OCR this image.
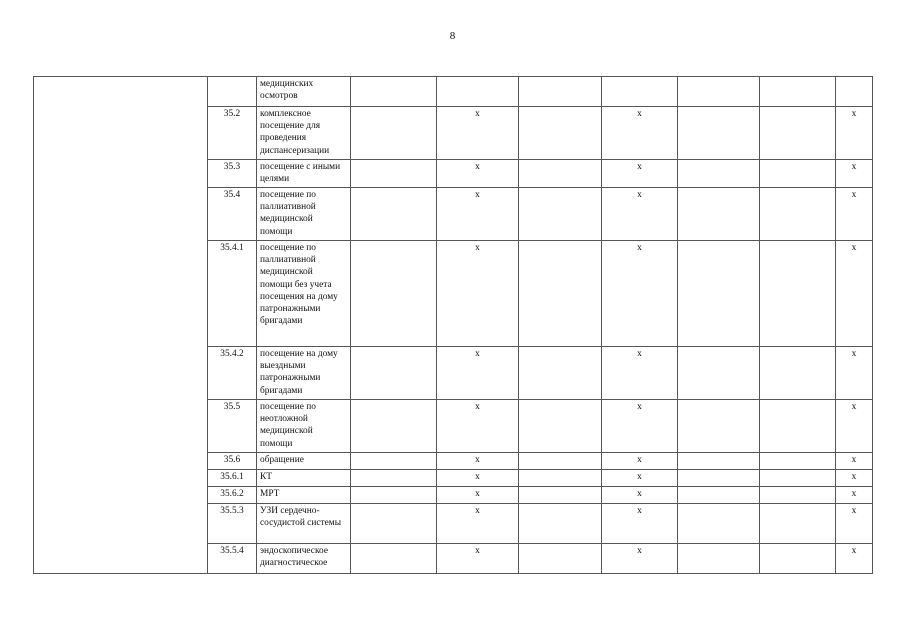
8
		медицинских осмотров							
	35.2	комплексное посещение для проведения диспансеризации		x		x			x
	35.3	посещение с иными целями		x		x			x
	35.4	посещение по паллиативной медицинской помощи		x		x			x
	35.4.1	посещение по паллиативной медицинской помощи без учета посещения на дому патронажными бригадами		x		x			x
	35.4.2	посещение на дому выездными патронажными бригадами		x		x			x
	35.5	посещение по неотложной медицинской помощи		x		x			x
	35.6	обращение		x		x			x
	35.6.1	КТ		x		x			x
	35.6.2	МРТ		x		x			x
	35.5.3	УЗИ сердечно-сосудистой системы		x		x			x
	35.5.4	эндоскопическое диагностическое		x		x			x
